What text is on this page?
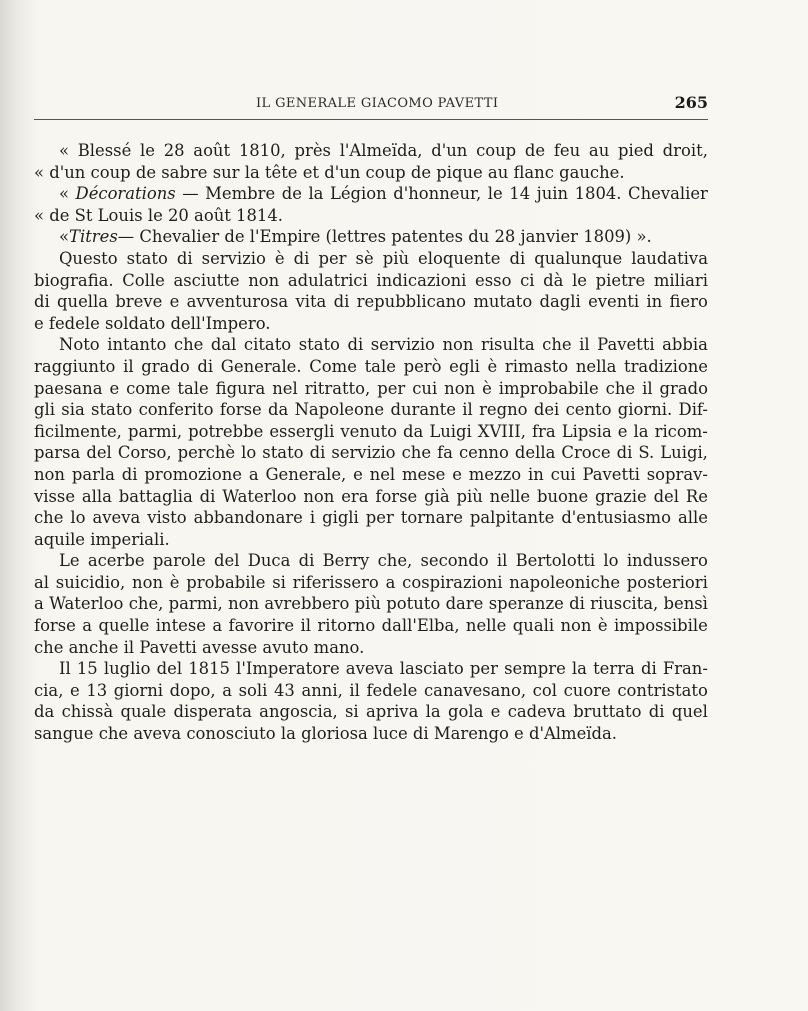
IL GENERALE GIACOMO PAVETTI	265
« Blessé le 28 août 1810, près l'Almeïda, d'un coup de feu au pied droit,
« d'un coup de sabre sur la tête et d'un coup de pique au flanc gauche.
« Décorations — Membre de la Légion d'honneur, le 14 juin 1804. Chevalier
« de St Louis le 20 août 1814.
« Titres — Chevalier de l'Empire (lettres patentes du 28 janvier 1809) ».
Questo stato di servizio è di per sè più eloquente di qualunque laudativa
biografia. Colle asciutte non adulatrici indicazioni esso ci dà le pietre miliari
di quella breve e avventurosa vita di repubblicano mutato dagli eventi in fiero
e fedele soldato dell'Impero.
Noto intanto che dal citato stato di servizio non risulta che il Pavetti abbia
raggiunto il grado di Generale. Come tale però egli è rimasto nella tradizione
paesana e come tale figura nel ritratto, per cui non è improbabile che il grado
gli sia stato conferito forse da Napoleone durante il regno dei cento giorni. Dif-
ficilmente, parmi, potrebbe essergli venuto da Luigi XVIII, fra Lipsia e la ricom-
parsa del Corso, perchè lo stato di servizio che fa cenno della Croce di S. Luigi,
non parla di promozione a Generale, e nel mese e mezzo in cui Pavetti soprav-
visse alla battaglia di Waterloo non era forse già più nelle buone grazie del Re
che lo aveva visto abbandonare i gigli per tornare palpitante d'entusiasmo alle
aquile imperiali.
Le acerbe parole del Duca di Berry che, secondo il Bertolotti lo indussero
al suicidio, non è probabile si riferissero a cospirazioni napoleoniche posteriori
a Waterloo che, parmi, non avrebbero più potuto dare speranze di riuscita, bensì
forse a quelle intese a favorire il ritorno dall'Elba, nelle quali non è impossibile
che anche il Pavetti avesse avuto mano.
Il 15 luglio del 1815 l'Imperatore aveva lasciato per sempre la terra di Fran-
cia, e 13 giorni dopo, a soli 43 anni, il fedele canavesano, col cuore contristato
da chissà quale disperata angoscia, si apriva la gola e cadeva bruttato di quel
sangue che aveva conosciuto la gloriosa luce di Marengo e d'Almeïda.
